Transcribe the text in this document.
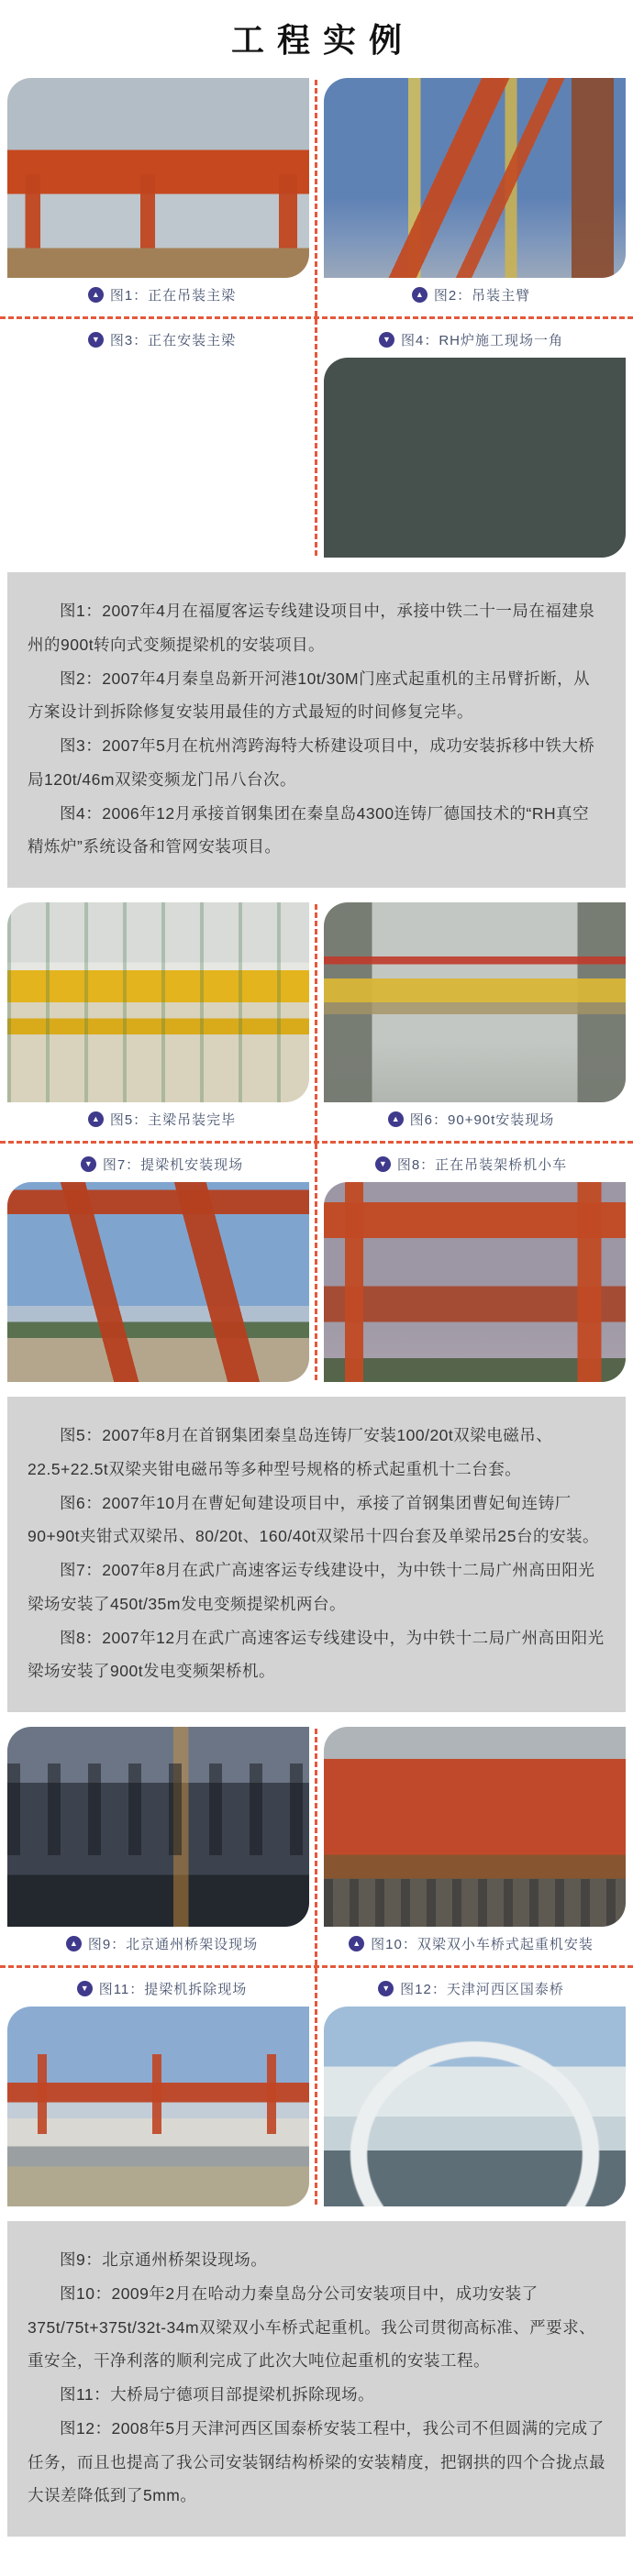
工程实例
▲ 图1：正在吊装主梁	▲ 图2：吊装主臂
▼ 图3：正在安装主梁	▼ 图4：RH炉施工现场一角

图1：2007年4月在福厦客运专线建设项目中，承接中铁二十一局在福建泉州的900t转向式变频提梁机的安装项目。

图2：2007年4月秦皇岛新开河港10t/30M门座式起重机的主吊臂折断，从方案设计到拆除修复安装用最佳的方式最短的时间修复完毕。

图3：2007年5月在杭州湾跨海特大桥建设项目中，成功安装拆移中铁大桥局120t/46m双梁变频龙门吊八台次。

图4：2006年12月承接首钢集团在秦皇岛4300连铸厂德国技术的“RH真空精炼炉”系统设备和管网安装项目。

▲ 图5：主梁吊装完毕	▲ 图6：90+90t安装现场
▼ 图7：提梁机安装现场	▼ 图8：正在吊装架桥机小车

图5：2007年8月在首钢集团秦皇岛连铸厂安装100/20t双梁电磁吊、22.5+22.5t双梁夹钳电磁吊等多种型号规格的桥式起重机十二台套。

图6：2007年10月在曹妃甸建设项目中，承接了首钢集团曹妃甸连铸厂90+90t夹钳式双梁吊、80/20t、160/40t双梁吊十四台套及单梁吊25台的安装。

图7：2007年8月在武广高速客运专线建设中，为中铁十二局广州高田阳光梁场安装了450t/35m发电变频提梁机两台。

图8：2007年12月在武广高速客运专线建设中，为中铁十二局广州高田阳光梁场安装了900t发电变频架桥机。

▲ 图9：北京通州桥架设现场	▲ 图10：双梁双小车桥式起重机安装
▼ 图11：提梁机拆除现场	▼ 图12：天津河西区国泰桥

图9：北京通州桥架设现场。

图10：2009年2月在哈动力秦皇岛分公司安装项目中，成功安装了375t/75t+375t/32t-34m双梁双小车桥式起重机。我公司贯彻高标准、严要求、重安全，干净利落的顺利完成了此次大吨位起重机的安装工程。

图11：大桥局宁德项目部提梁机拆除现场。

图12：2008年5月天津河西区国泰桥安装工程中，我公司不但圆满的完成了任务，而且也提高了我公司安装钢结构桥梁的安装精度，把钢拱的四个合拢点最大误差降低到了5mm。
